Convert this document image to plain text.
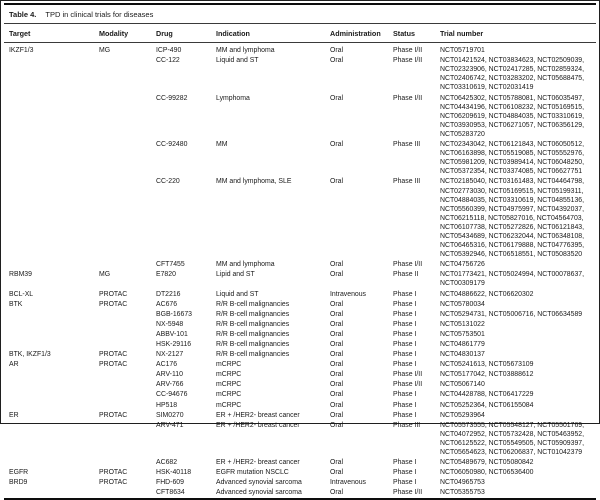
Table 4. TPD in clinical trials for diseases
Target	Modality	Drug	Indication	Administration	Status	Trial number
IKZF1/3	MG	ICP-490	MM and lymphoma	Oral	Phase I/II	NCT05719701
		CC-122	Liquid and ST	Oral	Phase I/II	NCT01421524, NCT03834623, NCT02509039, NCT02323906, NCT02417285, NCT02859324, NCT02406742, NCT03283202, NCT05688475, NCT03310619, NCT02031419
		CC-99282	Lymphoma	Oral	Phase I/II	NCT06425302, NCT05788081, NCT06035497, NCT04434196, NCT06108232, NCT05169515, NCT06209619, NCT04884035, NCT03310619, NCT03930953, NCT06271057, NCT06356129, NCT05283720
		CC-92480	MM	Oral	Phase III	NCT02343042, NCT06121843, NCT06050512, NCT06163898, NCT05519085, NCT05552976, NCT05981209, NCT03989414, NCT06048250, NCT05372354, NCT03374085, NCT06627751
		CC-220	MM and lymphoma, SLE	Oral	Phase III	NCT02185040, NCT03161483, NCT04464798, NCT02773030, NCT05169515, NCT05199311, NCT04884035, NCT03310619, NCT04855136, NCT05560399, NCT04975997, NCT04392037, NCT06215118, NCT05827016, NCT04564703, NCT06107738, NCT05272826, NCT06121843, NCT05434689, NCT06232044, NCT06348108, NCT06465316, NCT06179888, NCT04776395, NCT05392946, NCT06518551, NCT05083520
		CFT7455	MM and lymphoma	Oral	Phase I/II	NCT04756726
RBM39	MG	E7820	Lipid and ST	Oral	Phase II	NCT01773421, NCT05024994, NCT00078637, NCT00309179
BCL-XL	PROTAC	DT2216	Liquid and ST	Intravenous	Phase I	NCT04886622, NCT06620302
BTK	PROTAC	AC676	R/R B-cell malignancies	Oral	Phase I	NCT05780034
		BGB-16673	R/R B-cell malignancies	Oral	Phase I	NCT05294731, NCT05006716, NCT06634589
		NX-5948	R/R B-cell malignancies	Oral	Phase I	NCT05131022
		ABBV-101	R/R B-cell malignancies	Oral	Phase I	NCT05753501
		HSK-29116	R/R B-cell malignancies	Oral	Phase I	NCT04861779
BTK, IKZF1/3	PROTAC	NX-2127	R/R B-cell malignancies	Oral	Phase I	NCT04830137
AR	PROTAC	AC176	mCRPC	Oral	Phase I	NCT05241613, NCT05673109
		ARV-110	mCRPC	Oral	Phase I/II	NCT05177042, NCT03888612
		ARV-766	mCRPC	Oral	Phase I/II	NCT05067140
		CC-94676	mCRPC	Oral	Phase I	NCT04428788, NCT06417229
		HP518	mCRPC	Oral	Phase I	NCT05252364, NCT06155084
ER	PROTAC	SIM0270	ER + /HER2- breast cancer	Oral	Phase I	NCT05293964
		ARV-471	ER + /HER2- breast cancer	Oral	Phase III	NCT05573555, NCT05548127, NCT05501769, NCT04072952, NCT05732428, NCT05463952, NCT06125522, NCT05549505, NCT05909397, NCT05654623, NCT06206837, NCT01042379
		AC682	ER + /HER2- breast cancer	Oral	Phase I	NCT05489679, NCT05080842
EGFR	PROTAC	HSK-40118	EGFR mutation NSCLC	Oral	Phase I	NCT06050980, NCT06536400
BRD9	PROTAC	FHD-609	Advanced synovial sarcoma	Intravenous	Phase I	NCT04965753
		CFT8634	Advanced synovial sarcoma	Oral	Phase I/II	NCT05355753
